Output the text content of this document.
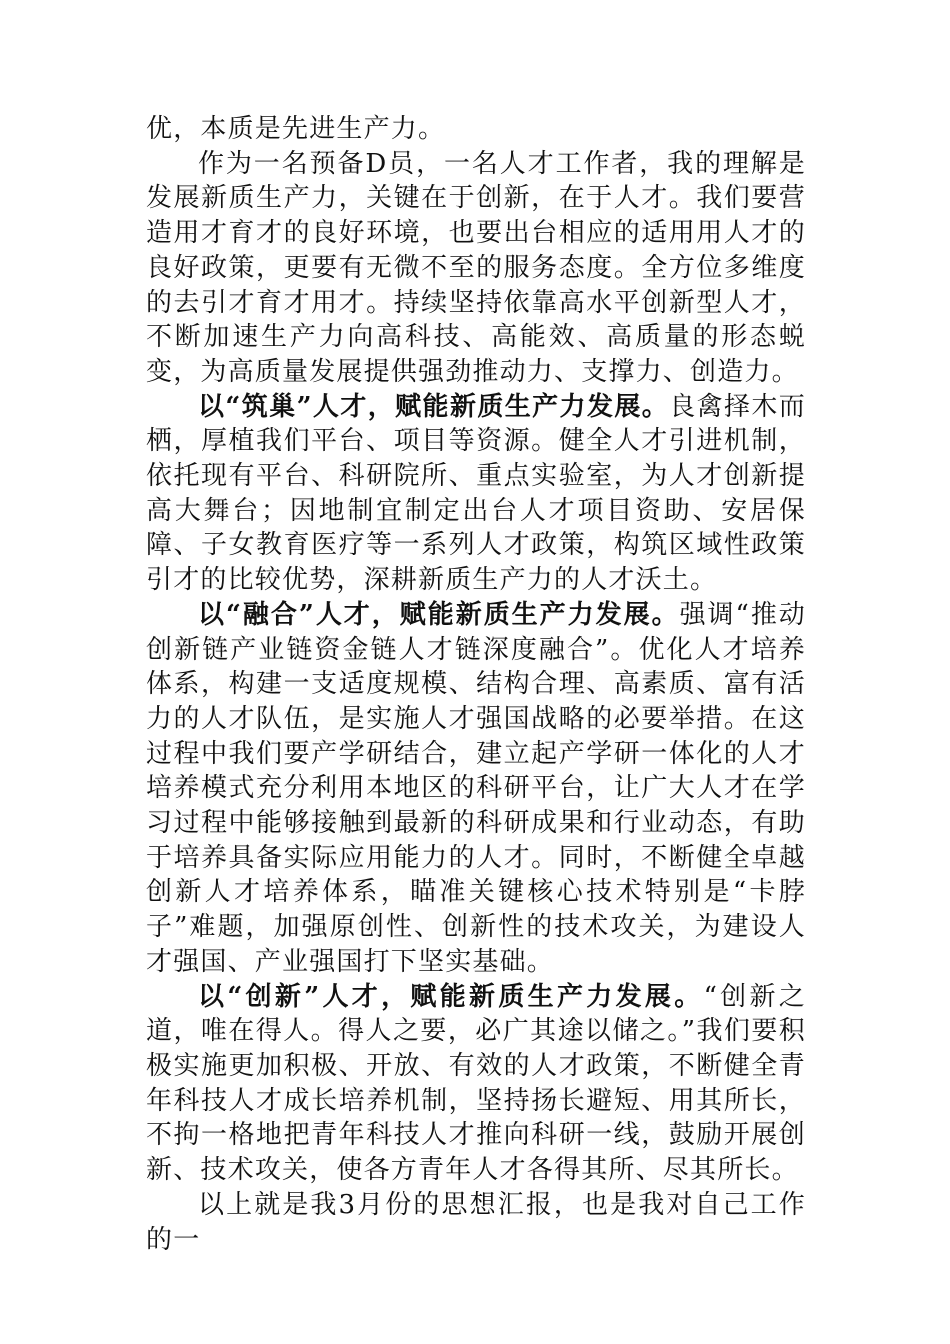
优，本质是先进生产力。

作为一名预备D员，一名人才工作者，我的理解是发展新质生产力，关键在于创新，在于人才。我们要营造用才育才的良好环境，也要出台相应的适用用人才的良好政策，更要有无微不至的服务态度。全方位多维度的去引才育才用才。持续坚持依靠高水平创新型人才，不断加速生产力向高科技、高能效、高质量的形态蜕变，为高质量发展提供强劲推动力、支撑力、创造力。

以“筑巢”人才，赋能新质生产力发展。良禽择木而栖，厚植我们平台、项目等资源。健全人才引进机制，依托现有平台、科研院所、重点实验室，为人才创新提高大舞台；因地制宜制定出台人才项目资助、安居保障、子女教育医疗等一系列人才政策，构筑区域性政策引才的比较优势，深耕新质生产力的人才沃土。

以“融合”人才，赋能新质生产力发展。强调“推动创新链产业链资金链人才链深度融合”。优化人才培养体系，构建一支适度规模、结构合理、高素质、富有活力的人才队伍，是实施人才强国战略的必要举措。在这过程中我们要产学研结合，建立起产学研一体化的人才培养模式充分利用本地区的科研平台，让广大人才在学习过程中能够接触到最新的科研成果和行业动态，有助于培养具备实际应用能力的人才。同时，不断健全卓越创新人才培养体系，瞄准关键核心技术特别是“卡脖子”难题，加强原创性、创新性的技术攻关，为建设人才强国、产业强国打下坚实基础。

以“创新”人才，赋能新质生产力发展。“创新之道，唯在得人。得人之要，必广其途以储之。”我们要积极实施更加积极、开放、有效的人才政策，不断健全青年科技人才成长培养机制，坚持扬长避短、用其所长，不拘一格地把青年科技人才推向科研一线，鼓励开展创新、技术攻关，使各方青年人才各得其所、尽其所长。

以上就是我3月份的思想汇报，也是我对自己工作的一
